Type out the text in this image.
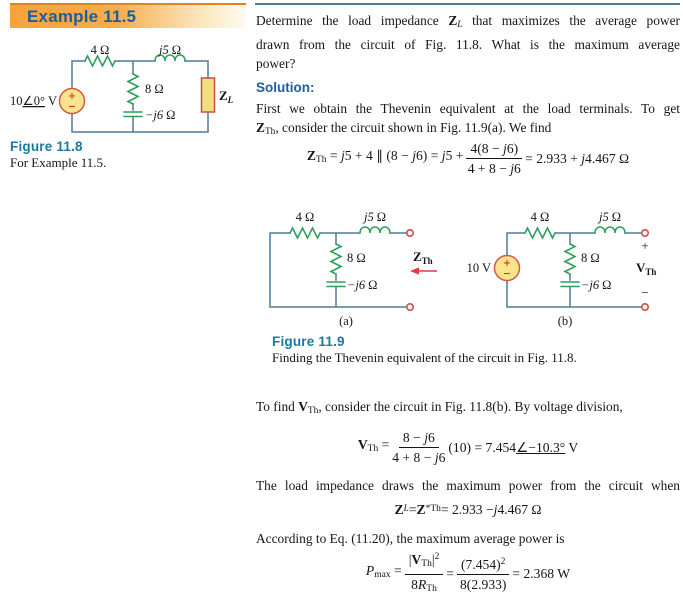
Example 11.5
+
−
4 Ω	j5 Ω
8 Ω
−j6 Ω
10∠0° V	$Z_L$
Figure 11.8
For Example 11.5.
Determine the load impedance ZL that maximizes the average power
drawn from the circuit of Fig. 11.8. What is the maximum average
power?
Solution:
First we obtain the Thevenin equivalent at the load terminals. To get
ZTh, consider the circuit shown in Fig. 11.9(a). We find
ZTh = j5 + 4 ∥ $(8 - j6) = j5 + \frac{4(8 - j6)}{4 + 8 - j6} = 2.933 + j4.467$ Ω
4 Ω	j5 Ω
8 Ω
−j6 Ω
$Z_{Th}$
(a)
+
−
10 V
4 Ω	j5 Ω
8 Ω
−j6 Ω
+
$V_{Th}$
−
(b)
Figure 11.9
Finding the Thevenin equivalent of the circuit in Fig. 11.8.
To find VTh, consider the circuit in Fig. 11.8(b). By voltage division,
VTh = $\frac{8 - j6}{4 + 8 - j6} (10)$ = 7.454∠−10.3° V
The load impedance draws the maximum power from the circuit when
Z L = Z * Th = 2.933 − j 4.467 Ω
According to Eq. (11.20), the maximum average power is
$Pmax = \frac{|VTh|^2}{\text{8RTh}} = \frac{(7.454)^2}{8(2.933)} = 2.368$ W
